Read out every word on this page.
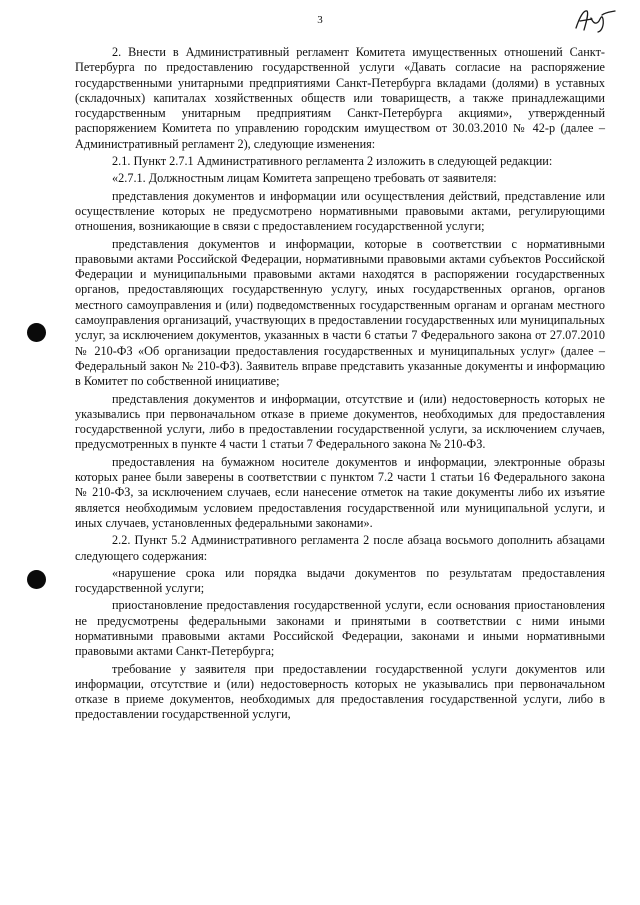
3

2. Внести в Административный регламент Комитета имущественных отношений Санкт-Петербурга по предоставлению государственной услуги «Давать согласие на распоряжение государственными унитарными предприятиями Санкт-Петербурга вкладами (долями) в уставных (складочных) капиталах хозяйственных обществ или товариществ, а также принадлежащими государственным унитарным предприятиям Санкт-Петербурга акциями», утвержденный распоряжением Комитета по управлению городским имуществом от 30.03.2010 № 42-р (далее – Административный регламент 2), следующие изменения:

2.1. Пункт 2.7.1 Административного регламента 2 изложить в следующей редакции:

«2.7.1. Должностным лицам Комитета запрещено требовать от заявителя:

представления документов и информации или осуществления действий, представление или осуществление которых не предусмотрено нормативными правовыми актами, регулирующими отношения, возникающие в связи с предоставлением государственной услуги;

представления документов и информации, которые в соответствии с нормативными правовыми актами Российской Федерации, нормативными правовыми актами субъектов Российской Федерации и муниципальными правовыми актами находятся в распоряжении государственных органов, предоставляющих государственную услугу, иных государственных органов, органов местного самоуправления и (или) подведомственных государственным органам и органам местного самоуправления организаций, участвующих в предоставлении государственных или муниципальных услуг, за исключением документов, указанных в части 6 статьи 7 Федерального закона от 27.07.2010 № 210-ФЗ «Об организации предоставления государственных и муниципальных услуг» (далее – Федеральный закон № 210-ФЗ). Заявитель вправе представить указанные документы и информацию в Комитет по собственной инициативе;

представления документов и информации, отсутствие и (или) недостоверность которых не указывались при первоначальном отказе в приеме документов, необходимых для предоставления государственной услуги, либо в предоставлении государственной услуги, за исключением случаев, предусмотренных в пункте 4 части 1 статьи 7 Федерального закона № 210-ФЗ.

предоставления на бумажном носителе документов и информации, электронные образы которых ранее были заверены в соответствии с пунктом 7.2 части 1 статьи 16 Федерального закона № 210-ФЗ, за исключением случаев, если нанесение отметок на такие документы либо их изъятие является необходимым условием предоставления государственной или муниципальной услуги, и иных случаев, установленных федеральными законами».

2.2. Пункт 5.2 Административного регламента 2 после абзаца восьмого дополнить абзацами следующего содержания:

«нарушение срока или порядка выдачи документов по результатам предоставления государственной услуги;

приостановление предоставления государственной услуги, если основания приостановления не предусмотрены федеральными законами и принятыми в соответствии с ними иными нормативными правовыми актами Российской Федерации, законами и иными нормативными правовыми актами Санкт-Петербурга;

требование у заявителя при предоставлении государственной услуги документов или информации, отсутствие и (или) недостоверность которых не указывались при первоначальном отказе в приеме документов, необходимых для предоставления государственной услуги, либо в предоставлении государственной услуги,
